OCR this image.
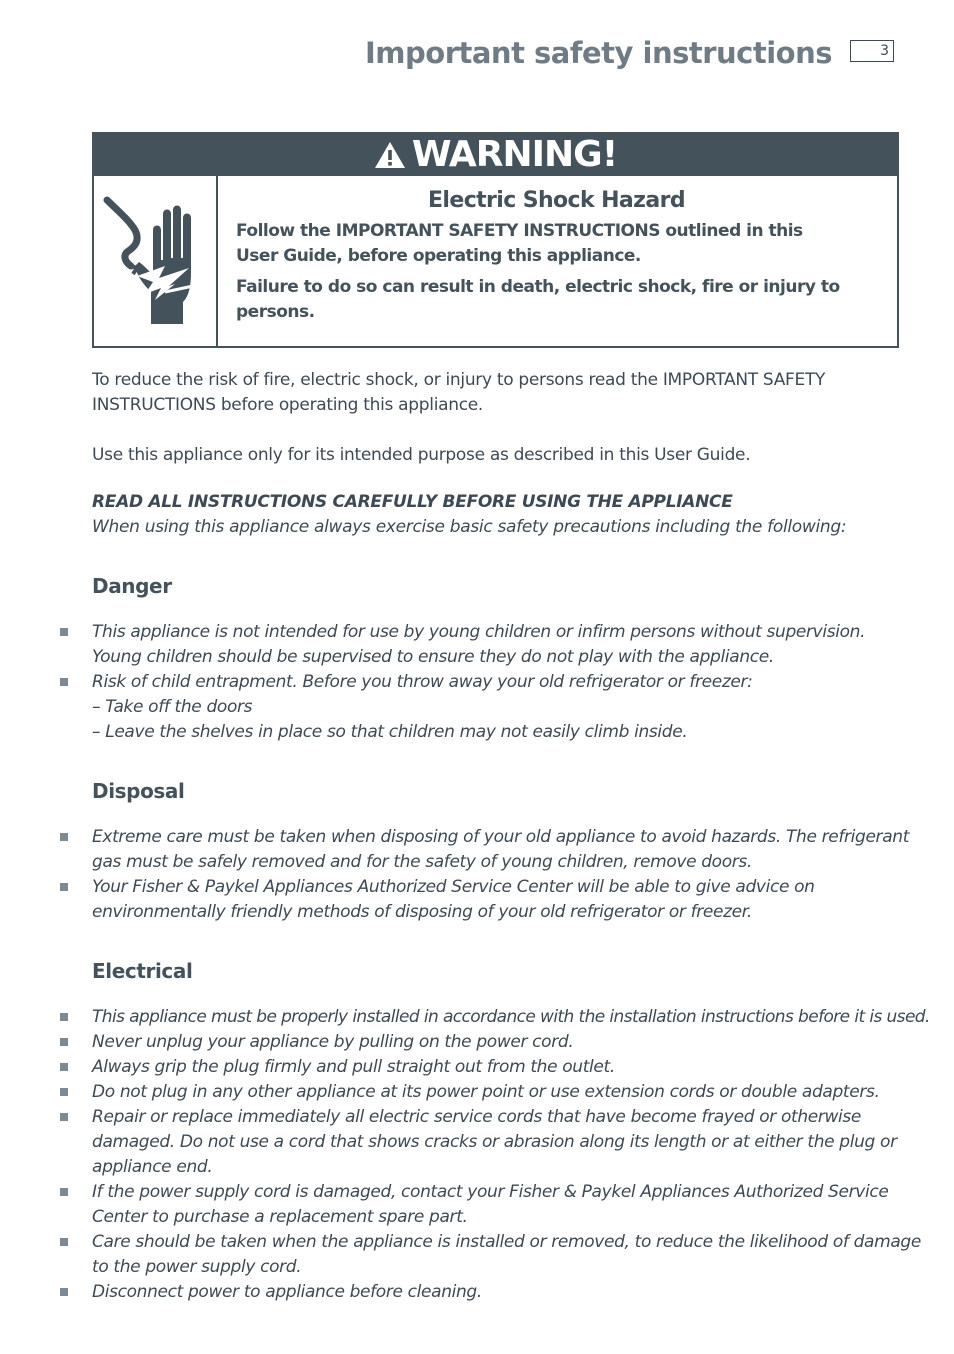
Important safety instructions	3
WARNING!
Electric Shock Hazard

Follow the IMPORTANT SAFETY INSTRUCTIONS outlined in this
User Guide, before operating this appliance.

Failure to do so can result in death, electric shock, fire or injury to
persons.

To reduce the risk of fire, electric shock, or injury to persons read the IMPORTANT SAFETY
INSTRUCTIONS before operating this appliance.

Use this appliance only for its intended purpose as described in this User Guide.

READ ALL INSTRUCTIONS CAREFULLY BEFORE USING THE APPLIANCE

When using this appliance always exercise basic safety precautions including the following:

Danger
This appliance is not intended for use by young children or infirm persons without supervision.
Young children should be supervised to ensure they do not play with the appliance.
Risk of child entrapment. Before you throw away your old refrigerator or freezer:
– Take off the doors
– Leave the shelves in place so that children may not easily climb inside.
Disposal
Extreme care must be taken when disposing of your old appliance to avoid hazards. The refrigerant
gas must be safely removed and for the safety of young children, remove doors.
Your Fisher & Paykel Appliances Authorized Service Center will be able to give advice on
environmentally friendly methods of disposing of your old refrigerator or freezer.
Electrical
This appliance must be properly installed in accordance with the installation instructions before it is used.
Never unplug your appliance by pulling on the power cord.
Always grip the plug firmly and pull straight out from the outlet.
Do not plug in any other appliance at its power point or use extension cords or double adapters.
Repair or replace immediately all electric service cords that have become frayed or otherwise
damaged. Do not use a cord that shows cracks or abrasion along its length or at either the plug or
appliance end.
If the power supply cord is damaged, contact your Fisher & Paykel Appliances Authorized Service
Center to purchase a replacement spare part.
Care should be taken when the appliance is installed or removed, to reduce the likelihood of damage
to the power supply cord.
Disconnect power to appliance before cleaning.
